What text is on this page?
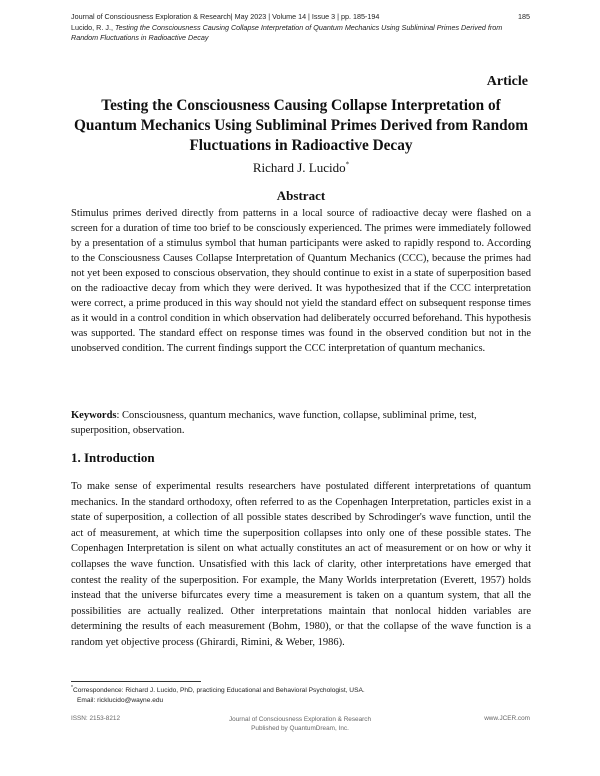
Journal of Consciousness Exploration & Research| May 2023 | Volume 14 | Issue 3 | pp. 185-194
Lucido, R. J., Testing the Consciousness Causing Collapse Interpretation of Quantum Mechanics Using Subliminal Primes Derived from Random Fluctuations in Radioactive Decay
185
Article
Testing the Consciousness Causing Collapse Interpretation of Quantum Mechanics Using Subliminal Primes Derived from Random Fluctuations in Radioactive Decay
Richard J. Lucido*
Abstract

Stimulus primes derived directly from patterns in a local source of radioactive decay were flashed on a screen for a duration of time too brief to be consciously experienced. The primes were immediately followed by a presentation of a stimulus symbol that human participants were asked to rapidly respond to. According to the Consciousness Causes Collapse Interpretation of Quantum Mechanics (CCC), because the primes had not yet been exposed to conscious observation, they should continue to exist in a state of superposition based on the radioactive decay from which they were derived. It was hypothesized that if the CCC interpretation were correct, a prime produced in this way should not yield the standard effect on subsequent response times as it would in a control condition in which observation had deliberately occurred beforehand. This hypothesis was supported. The standard effect on response times was found in the observed condition but not in the unobserved condition. The current findings support the CCC interpretation of quantum mechanics.

Keywords: Consciousness, quantum mechanics, wave function, collapse, subliminal prime, test, superposition, observation.

1. Introduction

To make sense of experimental results researchers have postulated different interpretations of quantum mechanics. In the standard orthodoxy, often referred to as the Copenhagen Interpretation, particles exist in a state of superposition, a collection of all possible states described by Schrodinger's wave function, until the act of measurement, at which time the superposition collapses into only one of these possible states. The Copenhagen Interpretation is silent on what actually constitutes an act of measurement or on how or why it collapses the wave function. Unsatisfied with this lack of clarity, other interpretations have emerged that contest the reality of the superposition. For example, the Many Worlds interpretation (Everett, 1957) holds instead that the universe bifurcates every time a measurement is taken on a quantum system, that all the possibilities are actually realized. Other interpretations maintain that nonlocal hidden variables are determining the results of each measurement (Bohm, 1980), or that the collapse of the wave function is a random yet objective process (Ghirardi, Rimini, & Weber, 1986).

*Correspondence: Richard J. Lucido, PhD, practicing Educational and Behavioral Psychologist, USA.
Email: ricklucido@wayne.edu
ISSN: 2153-8212	Journal of Consciousness Exploration & Research
Published by QuantumDream, Inc.
www.JCER.com
